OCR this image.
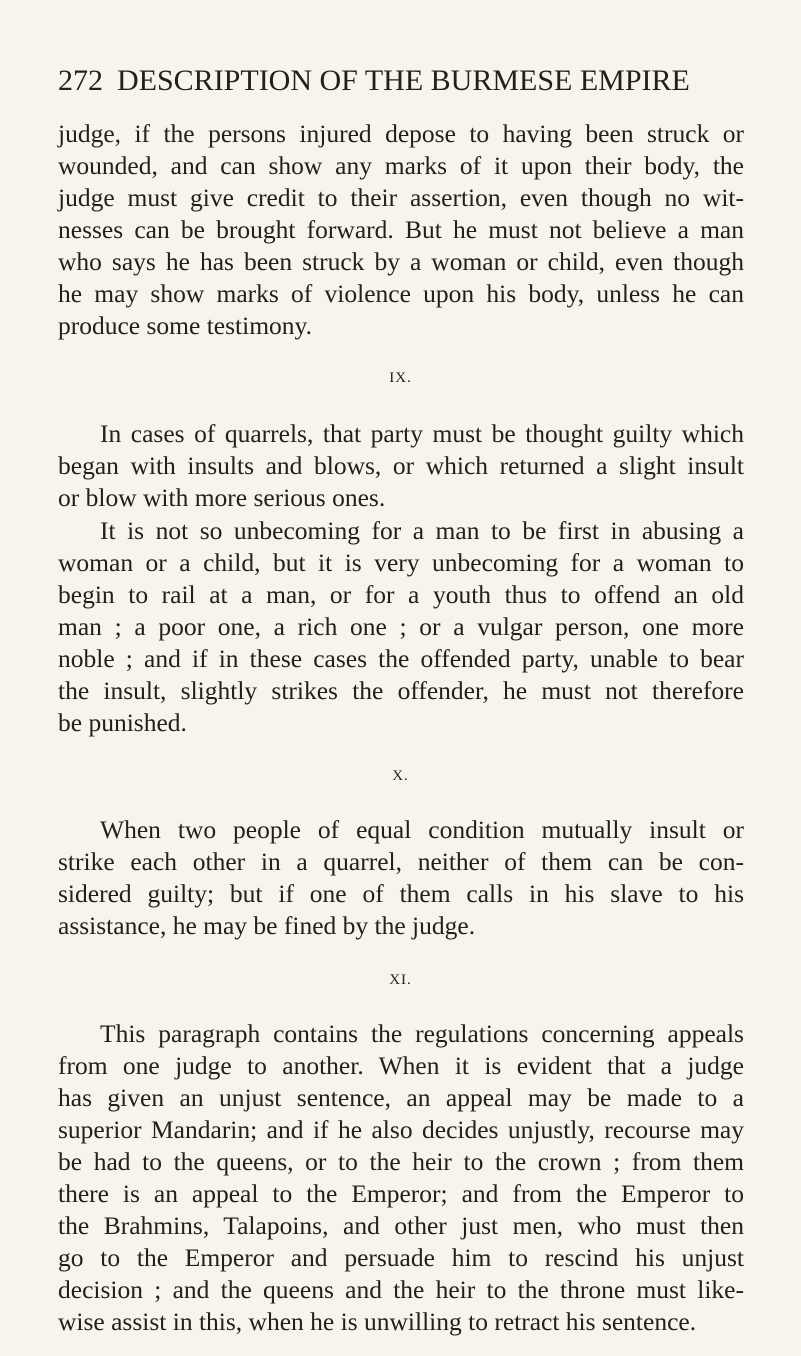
272 DESCRIPTION OF THE BURMESE EMPIRE
judge, if the persons injured depose to having been struck or
wounded, and can show any marks of it upon their body, the
judge must give credit to their assertion, even though no wit-
nesses can be brought forward. But he must not believe a man
who says he has been struck by a woman or child, even though
he may show marks of violence upon his body, unless he can
produce some testimony.
IX.
In cases of quarrels, that party must be thought guilty which
began with insults and blows, or which returned a slight insult
or blow with more serious ones.
It is not so unbecoming for a man to be first in abusing a
woman or a child, but it is very unbecoming for a woman to
begin to rail at a man, or for a youth thus to offend an old
man ; a poor one, a rich one ; or a vulgar person, one more
noble ; and if in these cases the offended party, unable to bear
the insult, slightly strikes the offender, he must not therefore
be punished.
X.
When two people of equal condition mutually insult or
strike each other in a quarrel, neither of them can be con-
sidered guilty; but if one of them calls in his slave to his
assistance, he may be fined by the judge.
XI.
This paragraph contains the regulations concerning appeals
from one judge to another. When it is evident that a judge
has given an unjust sentence, an appeal may be made to a
superior Mandarin; and if he also decides unjustly, recourse may
be had to the queens, or to the heir to the crown ; from them
there is an appeal to the Emperor; and from the Emperor to
the Brahmins, Talapoins, and other just men, who must then
go to the Emperor and persuade him to rescind his unjust
decision ; and the queens and the heir to the throne must like-
wise assist in this, when he is unwilling to retract his sentence.
